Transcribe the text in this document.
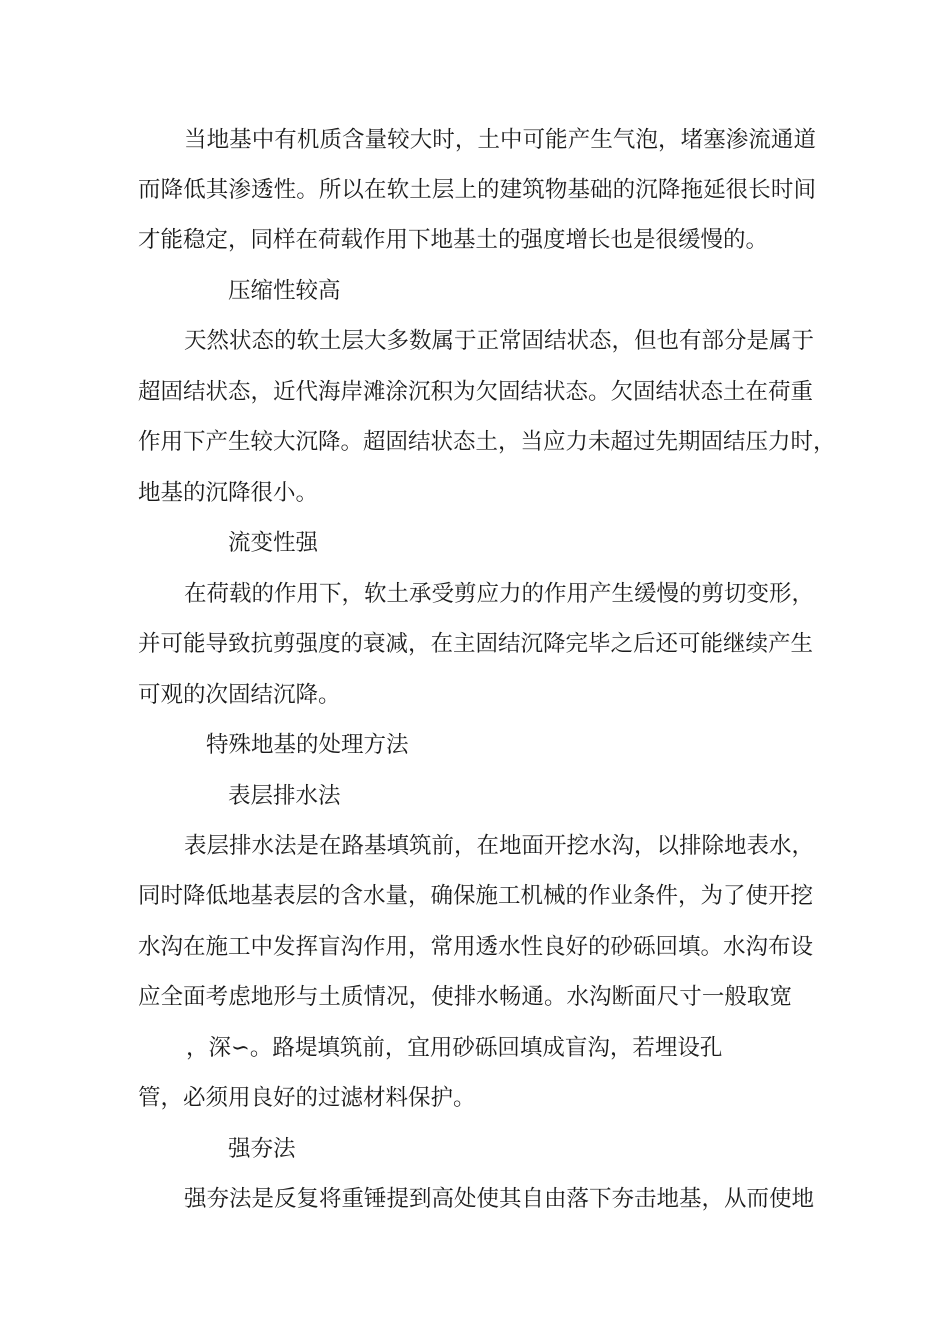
当地基中有机质含量较大时，土中可能产生气泡，堵塞渗流通道
而降低其渗透性。所以在软土层上的建筑物基础的沉降拖延很长时间
才能稳定，同样在荷载作用下地基土的强度增长也是很缓慢的。
压缩性较高
天然状态的软土层大多数属于正常固结状态，但也有部分是属于
超固结状态，近代海岸滩涂沉积为欠固结状态。欠固结状态土在荷重
作用下产生较大沉降。超固结状态土，当应力未超过先期固结压力时，
地基的沉降很小。
流变性强
在荷载的作用下，软土承受剪应力的作用产生缓慢的剪切变形，
并可能导致抗剪强度的衰减，在主固结沉降完毕之后还可能继续产生
可观的次固结沉降。
特殊地基的处理方法
表层排水法
表层排水法是在路基填筑前，在地面开挖水沟，以排除地表水，
同时降低地基表层的含水量，确保施工机械的作业条件，为了使开挖
水沟在施工中发挥盲沟作用，常用透水性良好的砂砾回填。水沟布设
应全面考虑地形与土质情况，使排水畅通。水沟断面尺寸一般取宽
，深∽。路堤填筑前，宜用砂砾回填成盲沟，若埋设孔
管，必须用良好的过滤材料保护。
强夯法
强夯法是反复将重锤提到高处使其自由落下夯击地基，从而使地
